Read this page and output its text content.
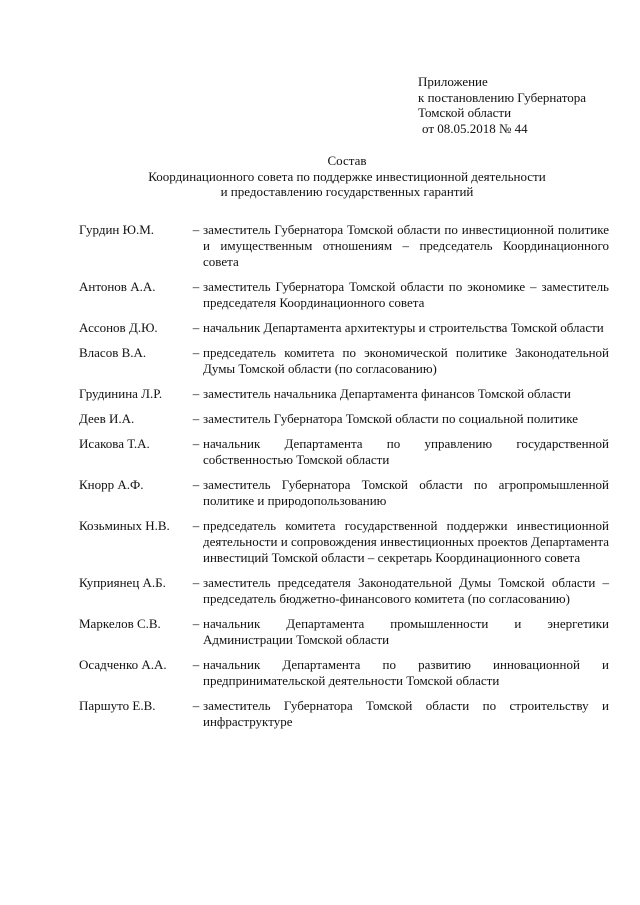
Приложение
к постановлению Губернатора
Томской области
от 08.05.2018 № 44
Состав
Координационного совета по поддержке инвестиционной деятельности
и предоставлению государственных гарантий
Гурдин Ю.М.	– заместитель Губернатора Томской области по инвестиционной политике и имущественным отношениям – председатель Координационного совета
Антонов А.А.	– заместитель Губернатора Томской области по экономике – заместитель председателя Координационного совета
Ассонов Д.Ю.	– начальник Департамента архитектуры и строительства Томской области
Власов В.А.	– председатель комитета по экономической политике Законодательной Думы Томской области (по согласованию)
Грудинина Л.Р.	– заместитель начальника Департамента финансов Томской области
Деев И.А.	– заместитель Губернатора Томской области по социальной политике
Исакова Т.А.	– начальник Департамента по управлению государственной собственностью Томской области
Кнорр А.Ф.	– заместитель Губернатора Томской области по агропромышленной политике и природопользованию
Козьминых Н.В.	– председатель комитета государственной поддержки инвестиционной деятельности и сопровождения инвестиционных проектов Департамента инвестиций Томской области – секретарь Координационного совета
Куприянец А.Б.	– заместитель председателя Законодательной Думы Томской области – председатель бюджетно-финансового комитета (по согласованию)
Маркелов С.В.	– начальник Департамента промышленности и энергетики Администрации Томской области
Осадченко А.А.	– начальник Департамента по развитию инновационной и предпринимательской деятельности Томской области
Паршуто Е.В.	– заместитель Губернатора Томской области по строительству и инфраструктуре
